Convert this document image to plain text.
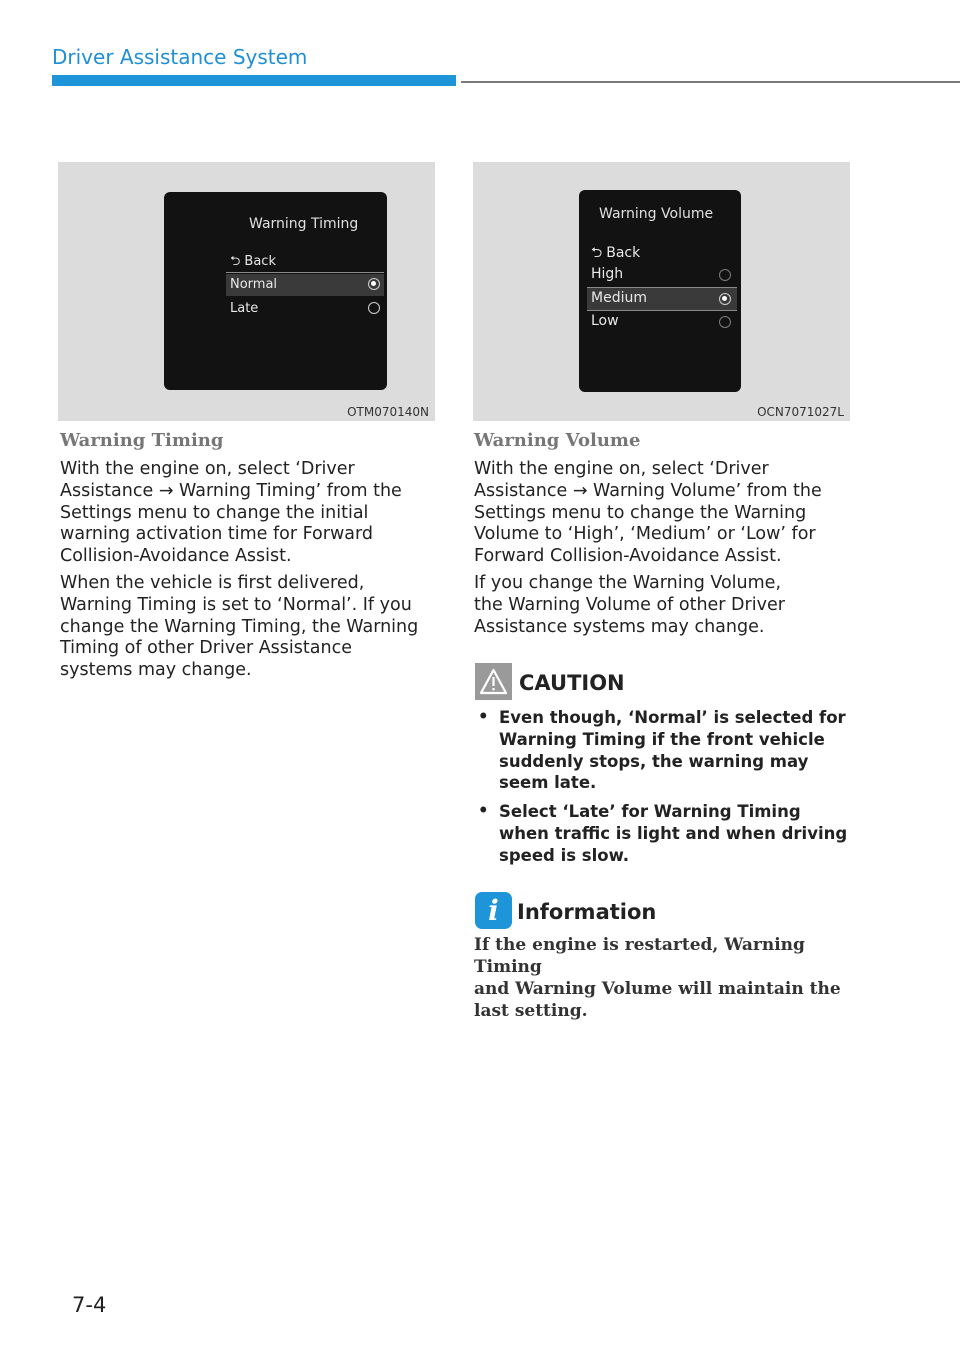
Driver Assistance System
Warning Timing
⮌ Back
Normal
Late
OTM070140N
Warning Volume
⮌ Back
High
Medium
Low
OCN7071027L
Warning Timing
With the engine on, select ‘Driver
Assistance → Warning Timing’ from the
Settings menu to change the initial
warning activation time for Forward
Collision-Avoidance Assist.
When the vehicle is first delivered,
Warning Timing is set to ‘Normal’. If you
change the Warning Timing, the Warning
Timing of other Driver Assistance
systems may change.
Warning Volume
With the engine on, select ‘Driver
Assistance → Warning Volume’ from the
Settings menu to change the Warning
Volume to ‘High’, ‘Medium’ or ‘Low’ for
Forward Collision-Avoidance Assist.
If you change the Warning Volume,
the Warning Volume of other Driver
Assistance systems may change.
CAUTION
• Even though, ‘Normal’ is selected for
Warning Timing if the front vehicle
suddenly stops, the warning may
seem late.
• Select ‘Late’ for Warning Timing
when traffic is light and when driving
speed is slow.
i Information
If the engine is restarted, Warning Timing
and Warning Volume will maintain the
last setting.
7-4
